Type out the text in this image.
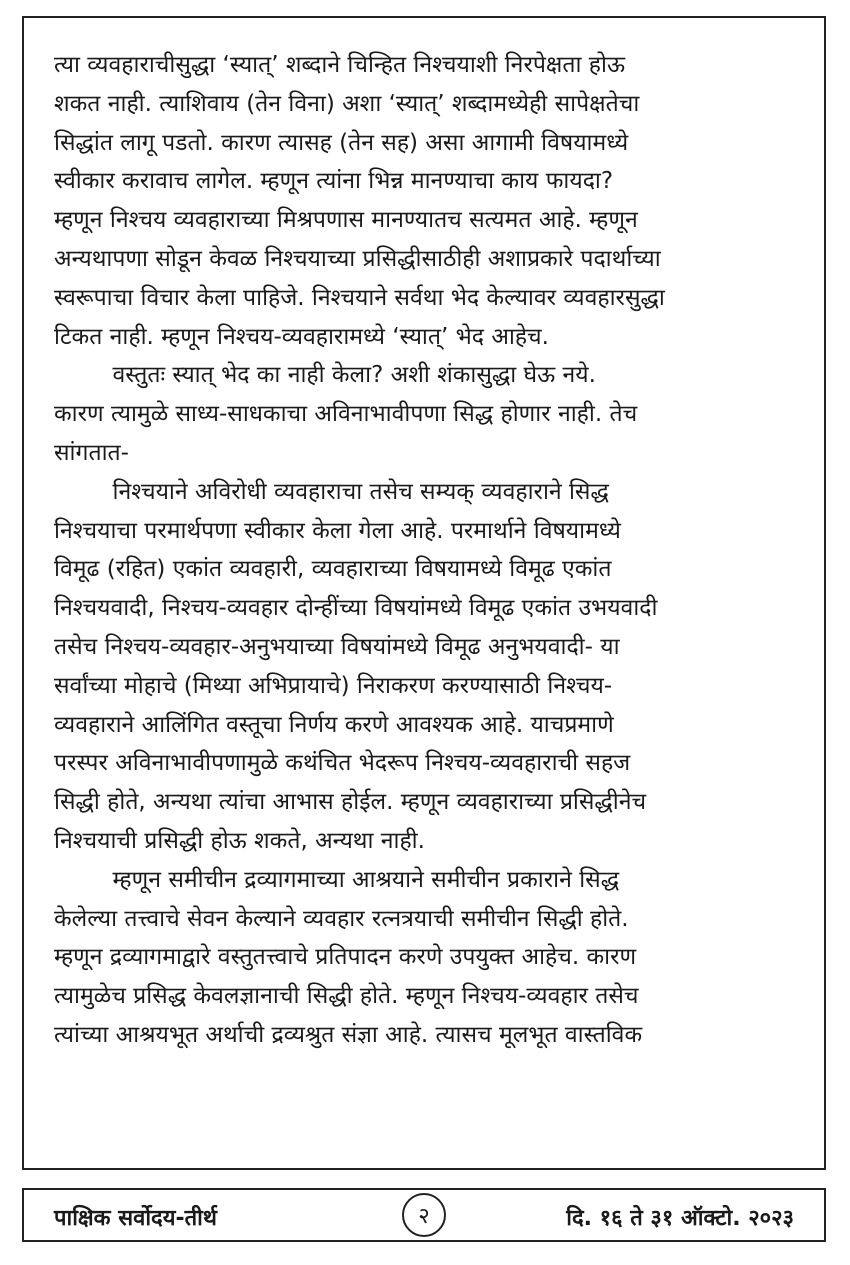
त्या व्यवहाराचीसुद्धा ‘स्यात्’ शब्दाने चिन्हित निश्चयाशी निरपेक्षता होऊ
शकत नाही. त्याशिवाय (तेन विना) अशा ‘स्यात्’ शब्दामध्येही सापेक्षतेचा
सिद्धांत लागू पडतो. कारण त्यासह (तेन सह) असा आगामी विषयामध्ये
स्वीकार करावाच लागेल. म्हणून त्यांना भिन्न मानण्याचा काय फायदा?
म्हणून निश्चय व्यवहाराच्या मिश्रपणास मानण्यातच सत्यमत आहे. म्हणून
अन्यथापणा सोडून केवळ निश्चयाच्या प्रसिद्धीसाठीही अशाप्रकारे पदार्थाच्या
स्वरूपाचा विचार केला पाहिजे. निश्चयाने सर्वथा भेद केल्यावर व्यवहारसुद्धा
टिकत नाही. म्हणून निश्चय-व्यवहारामध्ये ‘स्यात्’ भेद आहेच.
वस्तुतः स्यात् भेद का नाही केला? अशी शंकासुद्धा घेऊ नये.
कारण त्यामुळे साध्य-साधकाचा अविनाभावीपणा सिद्ध होणार नाही. तेच
सांगतात-
निश्चयाने अविरोधी व्यवहाराचा तसेच सम्यक् व्यवहाराने सिद्ध
निश्चयाचा परमार्थपणा स्वीकार केला गेला आहे. परमार्थाने विषयामध्ये
विमूढ (रहित) एकांत व्यवहारी, व्यवहाराच्या विषयामध्ये विमूढ एकांत
निश्चयवादी, निश्चय-व्यवहार दोन्हींच्या विषयांमध्ये विमूढ एकांत उभयवादी
तसेच निश्चय-व्यवहार-अनुभयाच्या विषयांमध्ये विमूढ अनुभयवादी- या
सर्वांच्या मोहाचे (मिथ्या अभिप्रायाचे) निराकरण करण्यासाठी निश्चय-
व्यवहाराने आलिंगित वस्तूचा निर्णय करणे आवश्यक आहे. याचप्रमाणे
परस्पर अविनाभावीपणामुळे कथंचित भेदरूप निश्चय-व्यवहाराची सहज
सिद्धी होते, अन्यथा त्यांचा आभास होईल. म्हणून व्यवहाराच्या प्रसिद्धीनेच
निश्चयाची प्रसिद्धी होऊ शकते, अन्यथा नाही.
म्हणून समीचीन द्रव्यागमाच्या आश्रयाने समीचीन प्रकाराने सिद्ध
केलेल्या तत्त्वाचे सेवन केल्याने व्यवहार रत्नत्रयाची समीचीन सिद्धी होते.
म्हणून द्रव्यागमाद्वारे वस्तुतत्त्वाचे प्रतिपादन करणे उपयुक्त आहेच. कारण
त्यामुळेच प्रसिद्ध केवलज्ञानाची सिद्धी होते. म्हणून निश्चय-व्यवहार तसेच
त्यांच्या आश्रयभूत अर्थाची द्रव्यश्रुत संज्ञा आहे. त्यासच मूलभूत वास्तविक
पाक्षिक सर्वोदय-तीर्थ	२	दि. १६ ते ३१ ऑक्टो. २०२३
